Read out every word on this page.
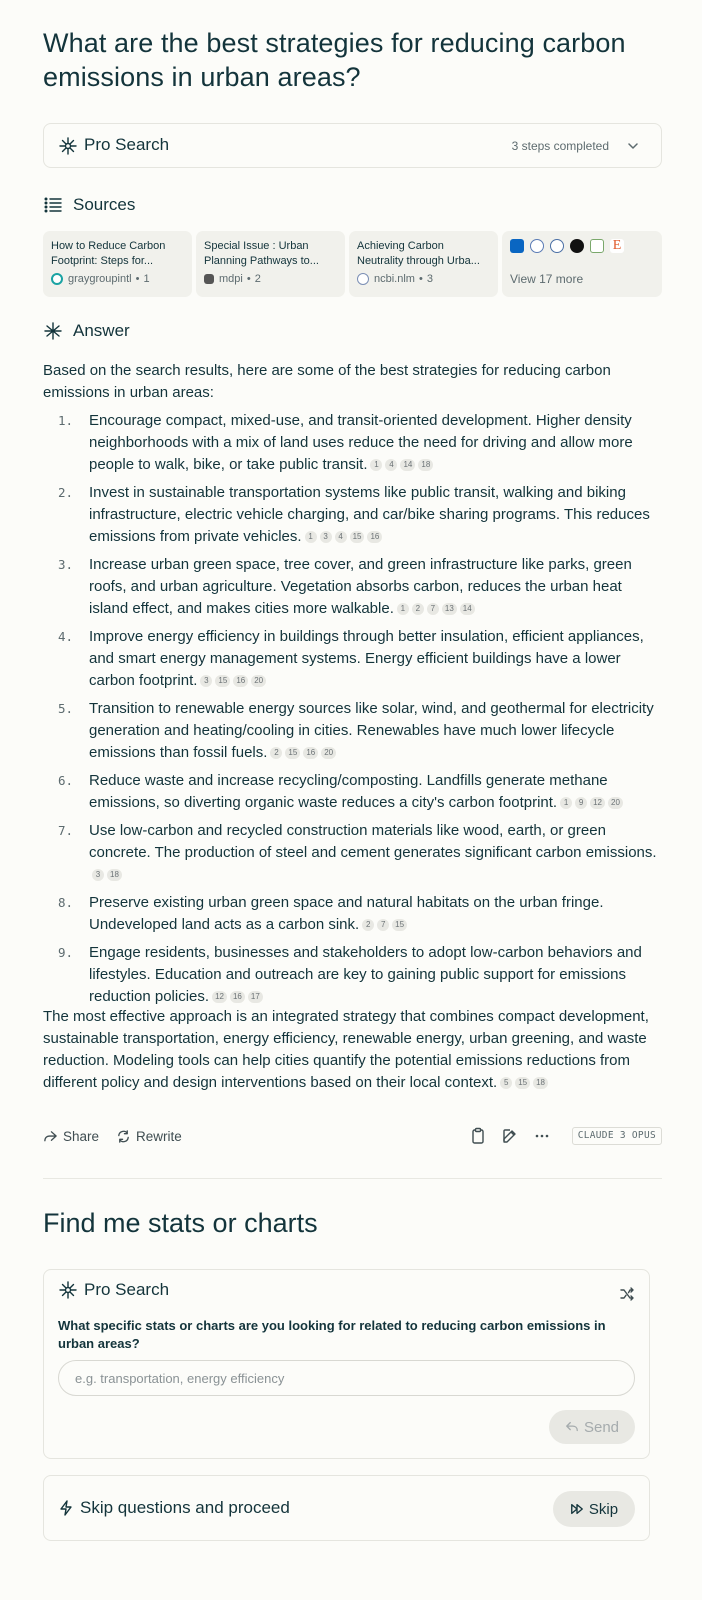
What are the best strategies for reducing carbon emissions in urban areas?
Pro Search	3 steps completed
Sources
How to Reduce Carbon Footprint: Steps for...
graygroupintl • 1
Special Issue : Urban Planning Pathways to...
mdpi • 2
Achieving Carbon Neutrality through Urba...
ncbi.nlm • 3
E
View 17 more
Answer

Based on the search results, here are some of the best strategies for reducing carbon emissions in urban areas:

1. Encourage compact, mixed-use, and transit-oriented development. Higher density neighborhoods with a mix of land uses reduce the need for driving and allow more people to walk, bike, or take public transit. 1 4 14 18
2. Invest in sustainable transportation systems like public transit, walking and biking infrastructure, electric vehicle charging, and car/bike sharing programs. This reduces emissions from private vehicles. 1 3 4 15 16
3. Increase urban green space, tree cover, and green infrastructure like parks, green roofs, and urban agriculture. Vegetation absorbs carbon, reduces the urban heat island effect, and makes cities more walkable. 1 2 7 13 14
4. Improve energy efficiency in buildings through better insulation, efficient appliances, and smart energy management systems. Energy efficient buildings have a lower carbon footprint. 3 15 16 20
5. Transition to renewable energy sources like solar, wind, and geothermal for electricity generation and heating/cooling in cities. Renewables have much lower lifecycle emissions than fossil fuels. 2 15 16 20
6. Reduce waste and increase recycling/composting. Landfills generate methane emissions, so diverting organic waste reduces a city's carbon footprint. 1 9 12 20
7. Use low-carbon and recycled construction materials like wood, earth, or green concrete. The production of steel and cement generates significant carbon emissions.3 18
8. Preserve existing urban green space and natural habitats on the urban fringe. Undeveloped land acts as a carbon sink. 2 7 15
9. Engage residents, businesses and stakeholders to adopt low-carbon behaviors and lifestyles. Education and outreach are key to gaining public support for emissions reduction policies. 12 16 17

The most effective approach is an integrated strategy that combines compact development, sustainable transportation, energy efficiency, renewable energy, urban greening, and waste reduction. Modeling tools can help cities quantify the potential emissions reductions from different policy and design interventions based on their local context. 5 15 18

Share	Rewrite	CLAUDE 3 OPUS
Find me stats or charts
Pro Search
What specific stats or charts are you looking for related to reducing carbon emissions in urban areas?
e.g. transportation, energy efficiency
Send
Skip questions and proceed	Skip
